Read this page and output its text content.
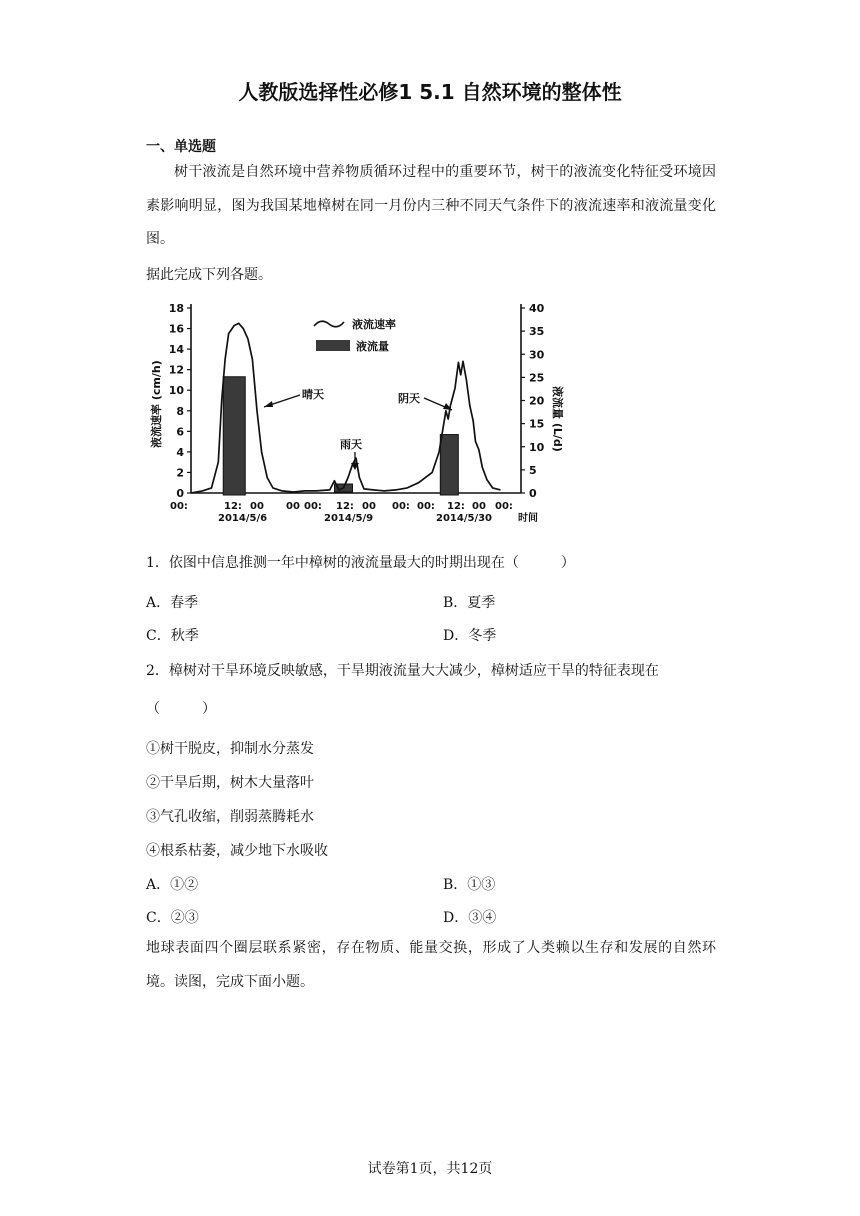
人教版选择性必修1 5.1 自然环境的整体性
一、单选题
树干液流是自然环境中营养物质循环过程中的重要环节，树干的液流变化特征受环境因素影响明显，图为我国某地樟树在同一月份内三种不同天气条件下的液流速率和液流量变化图。
据此完成下列各题。
0
2
4
6
8
10
12
14
16
18
0
5
10
15
20
25
30
35
40
液流速率
液流量
液流速率 (cm/h)	液流量 (L/d)
晴天
雨天
阴天
00:	12: 00 00 00: 12: 00 00: 00: 12: 00 00:
2014/5/6	2014/5/9	2014/5/30	时间
1．依图中信息推测一年中樟树的液流量最大的时期出现在（　　　）
A．春季	B．夏季
C．秋季	D．冬季
2．樟树对干旱环境反映敏感，干旱期液流量大大减少，樟树适应干旱的特征表现在
（　　　）
①树干脱皮，抑制水分蒸发
②干旱后期，树木大量落叶
③气孔收缩，削弱蒸腾耗水
④根系枯萎，减少地下水吸收
A．①②	B．①③
C．②③	D．③④
地球表面四个圈层联系紧密，存在物质、能量交换，形成了人类赖以生存和发展的自然环境。读图，完成下面小题。
试卷第1页，共12页
